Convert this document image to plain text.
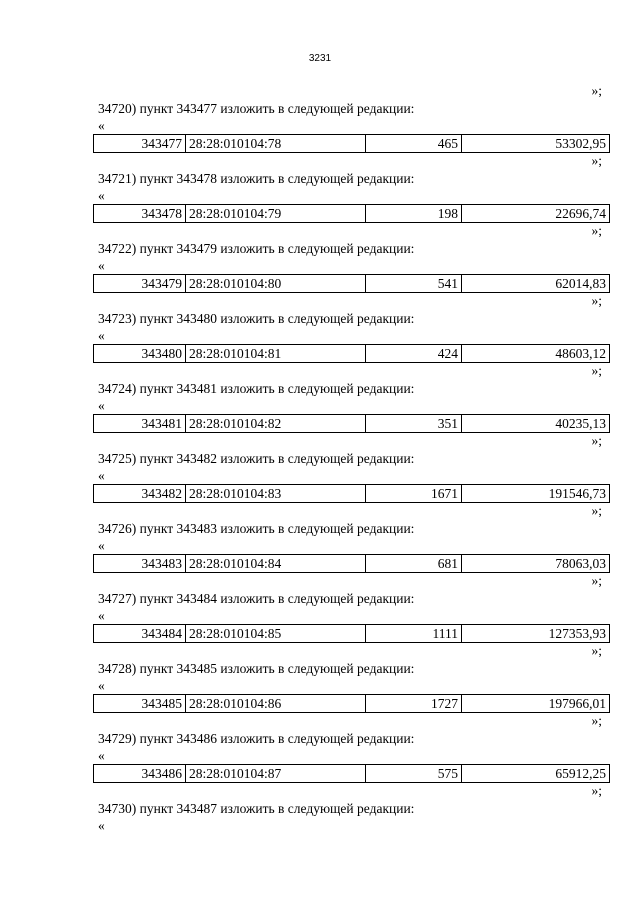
3231
»;
34720) пункт 343477 изложить в следующей редакции:
«
343477	28:28:010104:78	465	53302,95
»;
34721) пункт 343478 изложить в следующей редакции:
«
343478	28:28:010104:79	198	22696,74
»;
34722) пункт 343479 изложить в следующей редакции:
«
343479	28:28:010104:80	541	62014,83
»;
34723) пункт 343480 изложить в следующей редакции:
«
343480	28:28:010104:81	424	48603,12
»;
34724) пункт 343481 изложить в следующей редакции:
«
343481	28:28:010104:82	351	40235,13
»;
34725) пункт 343482 изложить в следующей редакции:
«
343482	28:28:010104:83	1671	191546,73
»;
34726) пункт 343483 изложить в следующей редакции:
«
343483	28:28:010104:84	681	78063,03
»;
34727) пункт 343484 изложить в следующей редакции:
«
343484	28:28:010104:85	1111	127353,93
»;
34728) пункт 343485 изложить в следующей редакции:
«
343485	28:28:010104:86	1727	197966,01
»;
34729) пункт 343486 изложить в следующей редакции:
«
343486	28:28:010104:87	575	65912,25
»;
34730) пункт 343487 изложить в следующей редакции:
«
